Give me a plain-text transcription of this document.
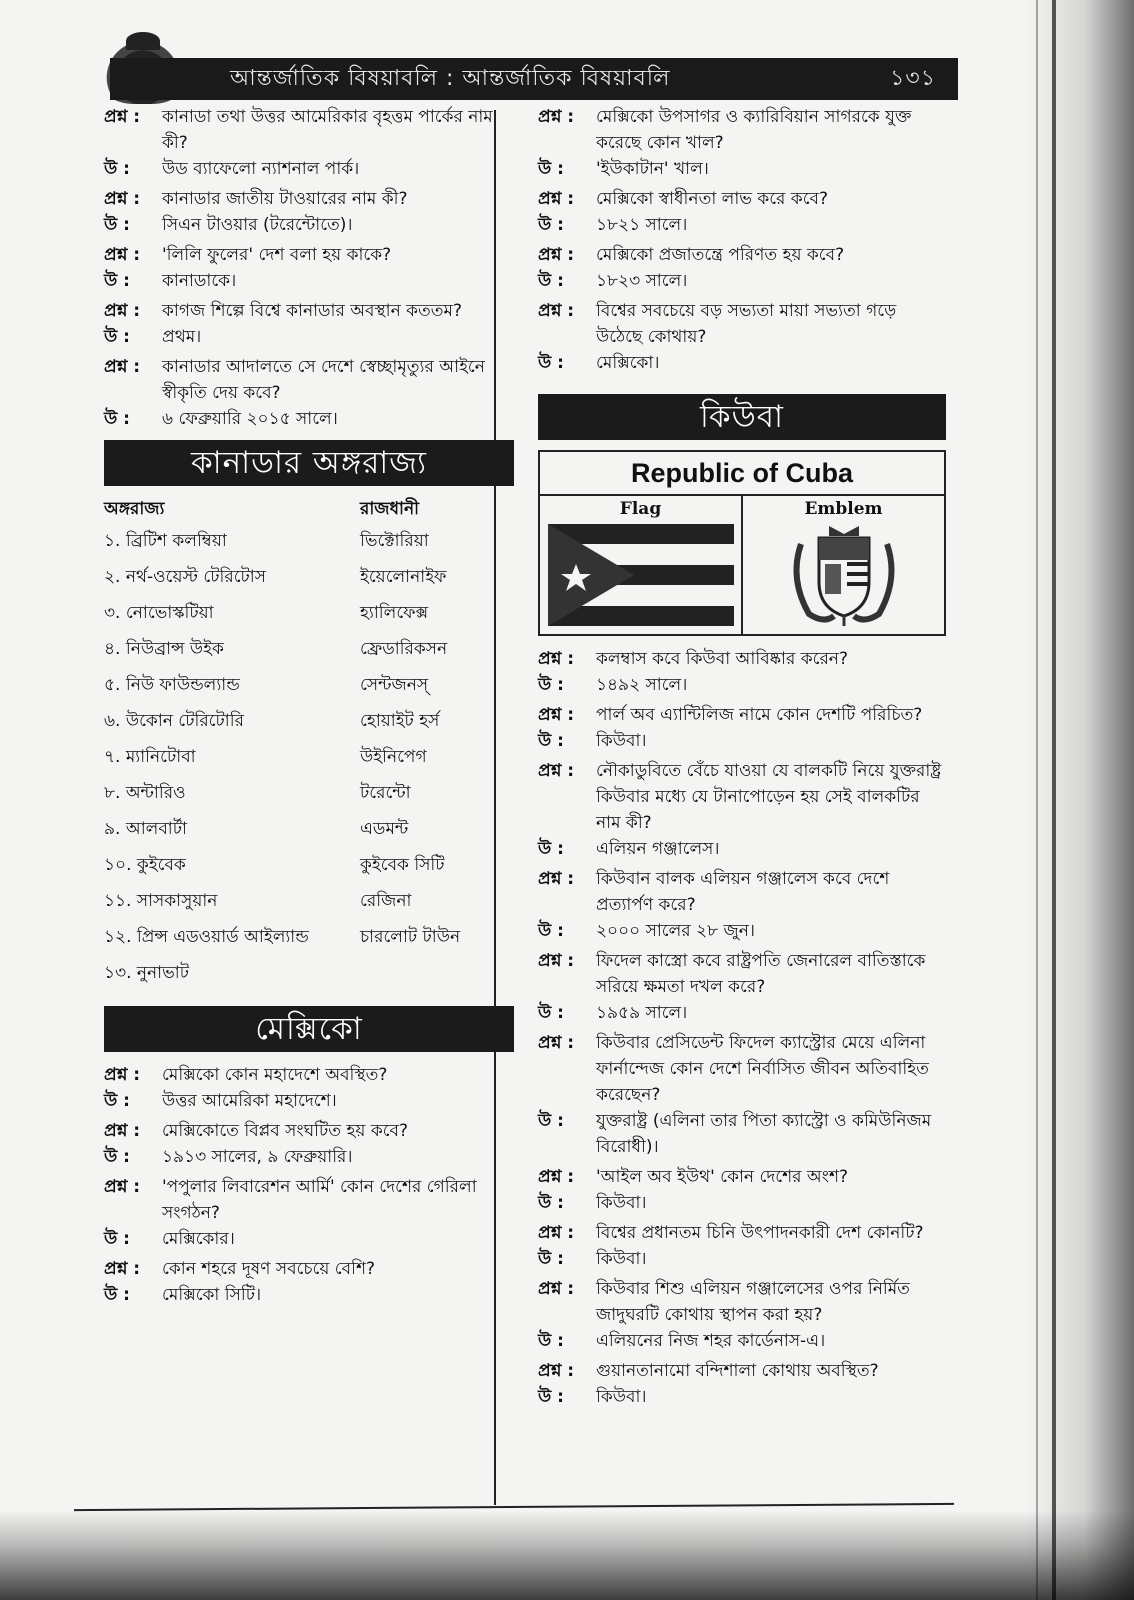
আন্তর্জাতিক বিষয়াবলি : আন্তর্জাতিক বিষয়াবলি	১৩১
প্রশ্ন :	কানাডা তথা উত্তর আমেরিকার বৃহত্তম পার্কের নাম কী?
উ :	উড ব্যাফেলো ন্যাশনাল পার্ক।
প্রশ্ন :	কানাডার জাতীয় টাওয়ারের নাম কী?
উ :	সিএন টাওয়ার (টরেন্টোতে)।
প্রশ্ন :	'লিলি ফুলের' দেশ বলা হয় কাকে?
উ :	কানাডাকে।
প্রশ্ন :	কাগজ শিল্পে বিশ্বে কানাডার অবস্থান কততম?
উ :	প্রথম।
প্রশ্ন :	কানাডার আদালতে সে দেশে স্বেচ্ছামৃত্যুর আইনে স্বীকৃতি দেয় কবে?
উ :	৬ ফেব্রুয়ারি ২০১৫ সালে।
কানাডার অঙ্গরাজ্য
অঙ্গরাজ্য	রাজধানী
১. ব্রিটিশ কলম্বিয়া	ভিক্টোরিয়া
২. নর্থ-ওয়েস্ট টেরিটোস	ইয়েলোনাইফ
৩. নোভোস্কটিয়া	হ্যালিফেক্স
৪. নিউব্রান্স উইক	ফ্রেডারিকসন
৫. নিউ ফাউন্ডল্যান্ড	সেন্টজনস্
৬. উকোন টেরিটোরি	হোয়াইট হর্স
৭. ম্যানিটোবা	উইনিপেগ
৮. অন্টারিও	টরেন্টো
৯. আলবার্টা	এডমন্ট
১০. কুইবেক	কুইবেক সিটি
১১. সাসকাসুয়ান	রেজিনা
১২. প্রিন্স এডওয়ার্ড আইল্যান্ড	চারলোট টাউন
১৩. নুনাভাট
মেক্সিকো
প্রশ্ন :	মেক্সিকো কোন মহাদেশে অবস্থিত?
উ :	উত্তর আমেরিকা মহাদেশে।
প্রশ্ন :	মেক্সিকোতে বিপ্লব সংঘটিত হয় কবে?
উ :	১৯১৩ সালের, ৯ ফেব্রুয়ারি।
প্রশ্ন :	'পপুলার লিবারেশন আর্মি' কোন দেশের গেরিলা সংগঠন?
উ :	মেক্সিকোর।
প্রশ্ন :	কোন শহরে দূষণ সবচেয়ে বেশি?
উ :	মেক্সিকো সিটি।
প্রশ্ন :	মেক্সিকো উপসাগর ও ক্যারিবিয়ান সাগরকে যুক্ত করেছে কোন খাল?
উ :	'ইউকাটান' খাল।
প্রশ্ন :	মেক্সিকো স্বাধীনতা লাভ করে কবে?
উ :	১৮২১ সালে।
প্রশ্ন :	মেক্সিকো প্রজাতন্ত্রে পরিণত হয় কবে?
উ :	১৮২৩ সালে।
প্রশ্ন :	বিশ্বের সবচেয়ে বড় সভ্যতা মায়া সভ্যতা গড়ে উঠেছে কোথায়?
উ :	মেক্সিকো।
কিউবা
Republic of Cuba
Flag	Emblem
প্রশ্ন :	কলম্বাস কবে কিউবা আবিষ্কার করেন?
উ :	১৪৯২ সালে।
প্রশ্ন :	পার্ল অব এ্যান্টিলিজ নামে কোন দেশটি পরিচিত?
উ :	কিউবা।
প্রশ্ন :	নৌকাডুবিতে বেঁচে যাওয়া যে বালকটি নিয়ে যুক্তরাষ্ট্র কিউবার মধ্যে যে টানাপোড়েন হয় সেই বালকটির নাম কী?
উ :	এলিয়ন গঞ্জালেস।
প্রশ্ন :	কিউবান বালক এলিয়ন গঞ্জালেস কবে দেশে প্রত্যার্পণ করে?
উ :	২০০০ সালের ২৮ জুন।
প্রশ্ন :	ফিদেল কাস্ত্রো কবে রাষ্ট্রপতি জেনারেল বাতিস্তাকে সরিয়ে ক্ষমতা দখল করে?
উ :	১৯৫৯ সালে।
প্রশ্ন :	কিউবার প্রেসিডেন্ট ফিদেল ক্যাস্ট্রোর মেয়ে এলিনা ফার্নান্দেজ কোন দেশে নির্বাসিত জীবন অতিবাহিত করেছেন?
উ :	যুক্তরাষ্ট্র (এলিনা তার পিতা ক্যাস্ট্রো ও কমিউনিজম বিরোধী)।
প্রশ্ন :	'আইল অব ইউথ' কোন দেশের অংশ?
উ :	কিউবা।
প্রশ্ন :	বিশ্বের প্রধানতম চিনি উৎপাদনকারী দেশ কোনটি?
উ :	কিউবা।
প্রশ্ন :	কিউবার শিশু এলিয়ন গঞ্জালেসের ওপর নির্মিত জাদুঘরটি কোথায় স্থাপন করা হয়?
উ :	এলিয়নের নিজ শহর কার্ডেনাস-এ।
প্রশ্ন :	গুয়ানতানামো বন্দিশালা কোথায় অবস্থিত?
উ :	কিউবা।
